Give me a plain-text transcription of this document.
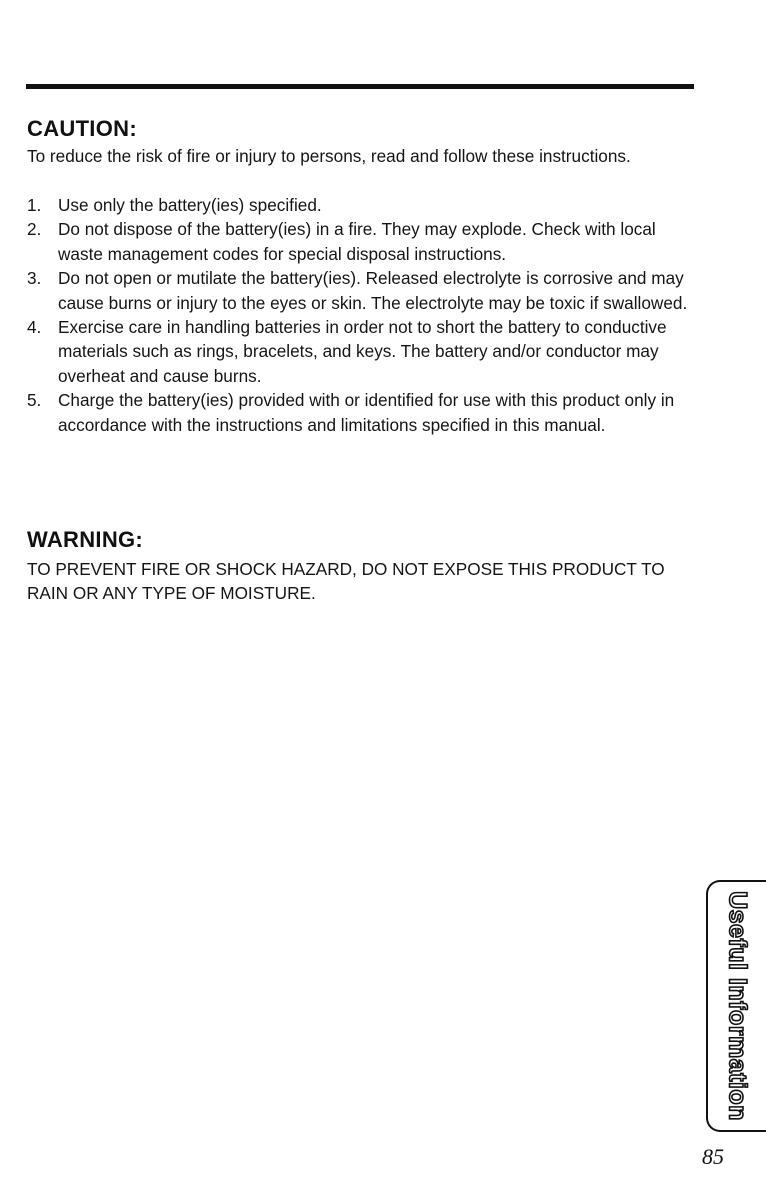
CAUTION:

To reduce the risk of fire or injury to persons, read and follow these instructions.

1. Use only the battery(ies) specified.
2. Do not dispose of the battery(ies) in a fire. They may explode. Check with local waste management codes for special disposal instructions.
3. Do not open or mutilate the battery(ies). Released electrolyte is corrosive and may cause burns or injury to the eyes or skin. The electrolyte may be toxic if swallowed.
4. Exercise care in handling batteries in order not to short the battery to conductive materials such as rings, bracelets, and keys. The battery and/or conductor may overheat and cause burns.
5. Charge the battery(ies) provided with or identified for use with this product only in accordance with the instructions and limitations specified in this manual.
WARNING:

TO PREVENT FIRE OR SHOCK HAZARD, DO NOT EXPOSE THIS PRODUCT TO RAIN OR ANY TYPE OF MOISTURE.

Useful Information
85
